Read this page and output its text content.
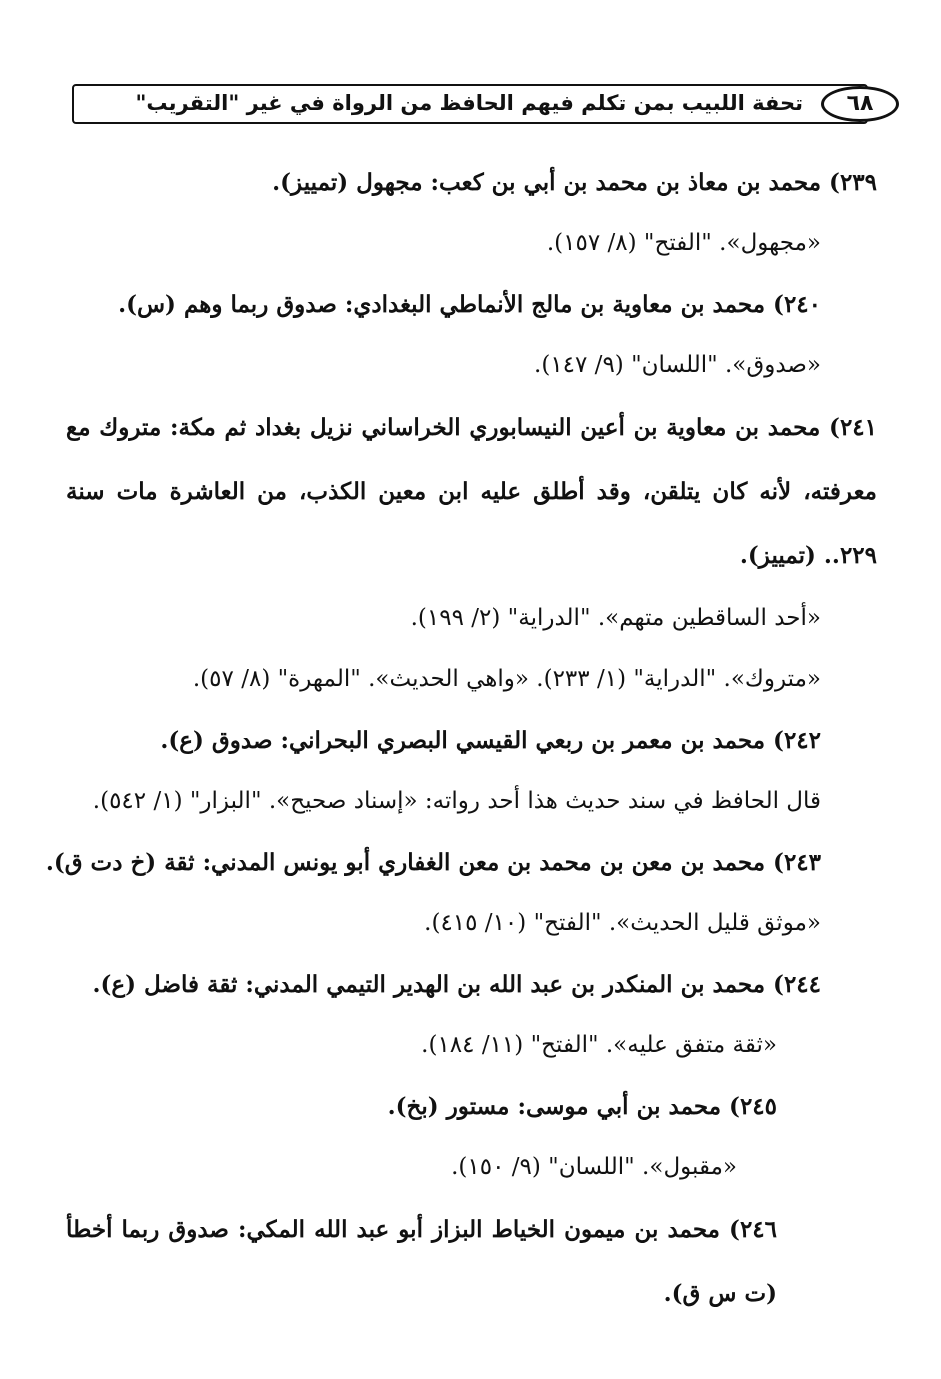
تحفة اللبيب بمن تكلم فيهم الحافظ من الرواة في غير "التقريب"	٦٨

٢٣٩) محمد بن معاذ بن محمد بن أبي بن كعب: مجهول (تمييز).

«مجهول». "الفتح" (٨/ ١٥٧).

٢٤٠) محمد بن معاوية بن مالج الأنماطي البغدادي: صدوق ربما وهم (س).

«صدوق». "اللسان" (٩/ ١٤٧).

٢٤١) محمد بن معاوية بن أعين النيسابوري الخراساني نزيل بغداد ثم مكة: متروك مع معرفته، لأنه كان يتلقن، وقد أطلق عليه ابن معين الكذب، من العاشرة مات سنة ٢٢٩.. (تمييز).

«أحد الساقطين متهم». "الدراية" (٢/ ١٩٩).

«متروك». "الدراية" (١/ ٢٣٣). «واهي الحديث». "المهرة" (٨/ ٥٧).

٢٤٢) محمد بن معمر بن ربعي القيسي البصري البحراني: صدوق (ع).

قال الحافظ في سند حديث هذا أحد رواته: «إسناد صحيح». "البزار" (١/ ٥٤٢).

٢٤٣) محمد بن معن بن محمد بن معن الغفاري أبو يونس المدني: ثقة (خ دت ق).

«موثق قليل الحديث». "الفتح" (١٠/ ٤١٥).

٢٤٤) محمد بن المنكدر بن عبد الله بن الهدير التيمي المدني: ثقة فاضل (ع).

«ثقة متفق عليه». "الفتح" (١١/ ١٨٤).

٢٤٥) محمد بن أبي موسى: مستور (بخ).

«مقبول». "اللسان" (٩/ ١٥٠).

٢٤٦) محمد بن ميمون الخياط البزاز أبو عبد الله المكي: صدوق ربما أخطأ (ت س ق).
